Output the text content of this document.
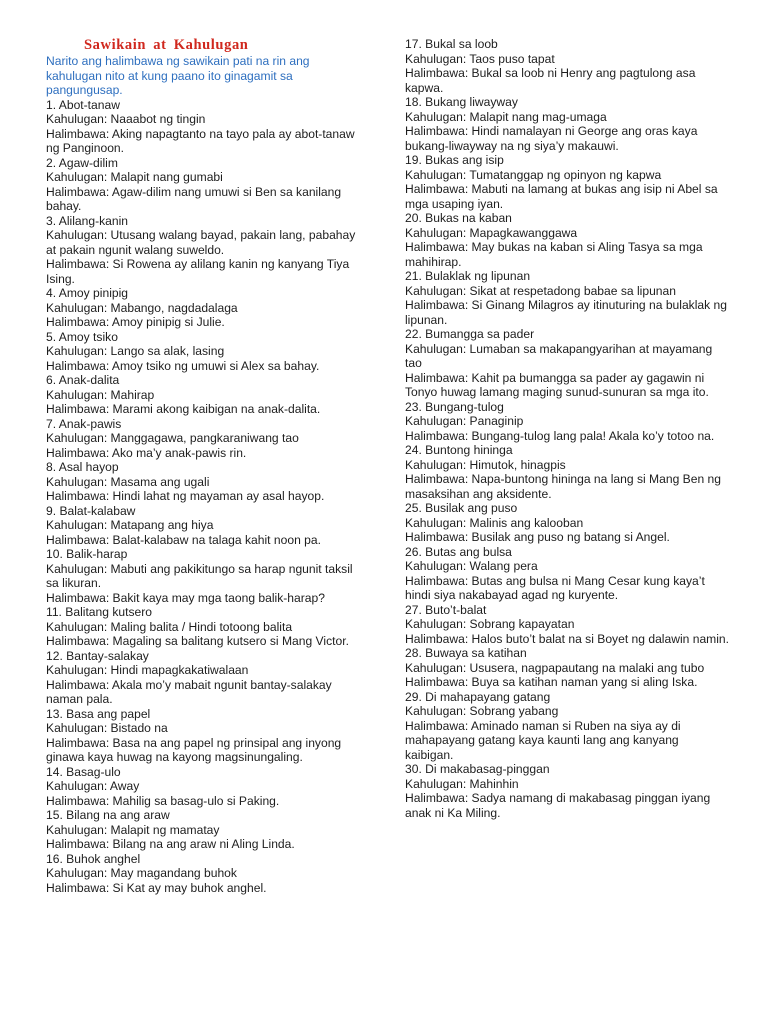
Sawikain at Kahulugan
Narito ang halimbawa ng sawikain pati na rin ang kahulugan nito at kung paano ito ginagamit sa pangungusap.

1. Abot-tanaw

Kahulugan: Naaabot ng tingin

Halimbawa: Aking napagtanto na tayo pala ay abot-tanaw ng Panginoon.

2. Agaw-dilim

Kahulugan: Malapit nang gumabi

Halimbawa: Agaw-dilim nang umuwi si Ben sa kanilang bahay.

3. Alilang-kanin

Kahulugan: Utusang walang bayad, pakain lang, pabahay at pakain ngunit walang suweldo.

Halimbawa: Si Rowena ay alilang kanin ng kanyang Tiya Ising.

4. Amoy pinipig

Kahulugan: Mabango, nagdadalaga

Halimbawa: Amoy pinipig si Julie.

5. Amoy tsiko

Kahulugan: Lango sa alak, lasing

Halimbawa: Amoy tsiko ng umuwi si Alex sa bahay.

6. Anak-dalita

Kahulugan: Mahirap

Halimbawa: Marami akong kaibigan na anak-dalita.

7. Anak-pawis

Kahulugan: Manggagawa, pangkaraniwang tao

Halimbawa: Ako ma’y anak-pawis rin.

8. Asal hayop

Kahulugan: Masama ang ugali

Halimbawa: Hindi lahat ng mayaman ay asal hayop.

9. Balat-kalabaw

Kahulugan: Matapang ang hiya

Halimbawa: Balat-kalabaw na talaga kahit noon pa.

10. Balik-harap

Kahulugan: Mabuti ang pakikitungo sa harap ngunit taksil sa likuran.

Halimbawa: Bakit kaya may mga taong balik-harap?

11. Balitang kutsero

Kahulugan: Maling balita / Hindi totoong balita

Halimbawa: Magaling sa balitang kutsero si Mang Victor.

12. Bantay-salakay

Kahulugan: Hindi mapagkakatiwalaan

Halimbawa: Akala mo’y mabait ngunit bantay-salakay naman pala.

13. Basa ang papel

Kahulugan: Bistado na

Halimbawa: Basa na ang papel ng prinsipal ang inyong ginawa kaya huwag na kayong magsinungaling.

14. Basag-ulo

Kahulugan: Away

Halimbawa: Mahilig sa basag-ulo si Paking.

15. Bilang na ang araw

Kahulugan: Malapit ng mamatay

Halimbawa: Bilang na ang araw ni Aling Linda.

16. Buhok anghel

Kahulugan: May magandang buhok

Halimbawa: Si Kat ay may buhok anghel.

17. Bukal sa loob

Kahulugan: Taos puso tapat

Halimbawa: Bukal sa loob ni Henry ang pagtulong asa kapwa.

18. Bukang liwayway

Kahulugan: Malapit nang mag-umaga

Halimbawa: Hindi namalayan ni George ang oras kaya bukang-liwayway na ng siya’y makauwi.

19. Bukas ang isip

Kahulugan: Tumatanggap ng opinyon ng kapwa

Halimbawa: Mabuti na lamang at bukas ang isip ni Abel sa mga usaping iyan.

20. Bukas na kaban

Kahulugan: Mapagkawanggawa

Halimbawa: May bukas na kaban si Aling Tasya sa mga mahihirap.

21. Bulaklak ng lipunan

Kahulugan: Sikat at respetadong babae sa lipunan

Halimbawa: Si Ginang Milagros ay itinuturing na bulaklak ng lipunan.

22. Bumangga sa pader

Kahulugan: Lumaban sa makapangyarihan at mayamang tao

Halimbawa: Kahit pa bumangga sa pader ay gagawin ni Tonyo huwag lamang maging sunud-sunuran sa mga ito.

23. Bungang-tulog

Kahulugan: Panaginip

Halimbawa: Bungang-tulog lang pala! Akala ko’y totoo na.

24. Buntong hininga

Kahulugan: Himutok, hinagpis

Halimbawa: Napa-buntong hininga na lang si Mang Ben ng masaksihan ang aksidente.

25. Busilak ang puso

Kahulugan: Malinis ang kalooban

Halimbawa: Busilak ang puso ng batang si Angel.

26. Butas ang bulsa

Kahulugan: Walang pera

Halimbawa: Butas ang bulsa ni Mang Cesar kung kaya’t hindi siya nakabayad agad ng kuryente.

27. Buto’t-balat

Kahulugan: Sobrang kapayatan

Halimbawa: Halos buto’t balat na si Boyet ng dalawin namin.

28. Buwaya sa katihan

Kahulugan: Ususera, nagpapautang na malaki ang tubo

Halimbawa: Buya sa katihan naman yang si aling Iska.

29. Di mahapayang gatang

Kahulugan: Sobrang yabang

Halimbawa: Aminado naman si Ruben na siya ay di mahapayang gatang kaya kaunti lang ang kanyang kaibigan.

30. Di makabasag-pinggan

Kahulugan: Mahinhin

Halimbawa: Sadya namang di makabasag pinggan iyang anak ni Ka Miling.
